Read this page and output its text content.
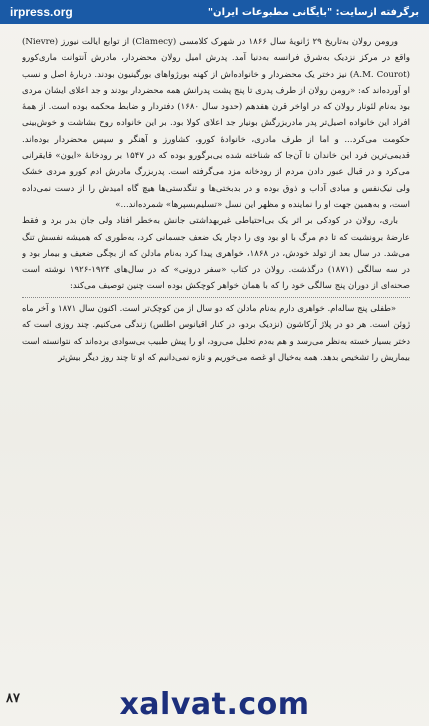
irpress.org	برگرفته ازسایت: "بایگانی مطبوعات ایران"

ورومن رولان به‌تاریخ ۲۹ ژانویهٔ سال ۱۸۶۶ در شهرک کلامسی (Clamecy) از توابع ایالت نیورز (Nievre) واقع در مرکز نزدیک به‌شرق فرانسه به‌دنیا آمد. پدرش امیل رولان محضردار، مادرش آنتوانت ماری‌کورو (A.M. Courot) نیز دختر یک محضردار و خانواده‌اش از کهنه بورژواهای بورگینیون بودند. دربارهٔ اصل و نسب او آورده‌اند که: «رومن رولان از طرف پدری تا پنج پشت پدرانش همه محضردار بودند و جد اعلای ایشان مردی بود به‌نام لئونار رولان که در اواخر قرن هفدهم (حدود سال ۱۶۸۰) دفتردار و ضابط محکمه بوده است. از همهٔ افراد این خانواده اصیل‌تر پدر مادربزرگش بونیار جد اعلای کولا بود. بر این خانواده روح بشاشت و خوش‌بینی حکومت می‌کرد... و اما از طرف مادری، خانوادهٔ کورو، کشاورز و آهنگر و سپس محضردار بوده‌اند. قدیمی‌ترین فرد این خاندان تا آن‌جا که شناخته شده بی‌برگورو بوده که در ۱۵۴۷ بر رودخانهٔ «ایون» قایقرانی می‌کرد و در قبال عبور دادن مردم از رودخانه مزد می‌گرفته است. پدربزرگ مادرش ادم کورو مردی خشک ولی نیک‌نفس و مبادی آداب و ذوق بوده و در بدبختی‌ها و تنگدستی‌ها هیچ گاه امیدش را از دست نمی‌داده است، و به‌همین جهت او را نماینده و مظهر این نسل «تسلیم‌بسپرها» شمرده‌اند...»

باری، رولان در کودکی بر اثر یک بی‌احتیاطی غیربهداشتی جانش به‌خطر افتاد ولی جان بدر برد و فقط عارضهٔ برونشیت که تا دم مرگ با او بود وی را دچار یک ضعف جسمانی کرد، به‌طوری که همیشه نفسش تنگ می‌شد. در سال بعد از تولد خودش، در ۱۸۶۸، خواهری پیدا کرد به‌نام مادلن که از بچگی ضعیف و بیمار بود و در سه سالگی (۱۸۷۱) درگذشت. رولان در کتاب «سفر درونی» که در سال‌های ۱۹۲۴-۱۹۲۶ نوشته است صحنه‌ای از دوران پنج سالگی خود را که با همان خواهر کوچکش بوده است چنین توصیف می‌کند:

«طفلی پنج ساله‌ام. خواهری دارم به‌نام مادلن که دو سال از من کوچک‌تر است. اکنون سال ۱۸۷۱ و آخر ماه ژوئن است. هر دو در پلاژ آرکاشون (نزدیک بردو، در کنار اقیانوس اطلس) زندگی می‌کنیم. چند روزی است که دختر بسیار خسته به‌نظر می‌رسد و هم به‌دم تحلیل می‌رود، او را پیش طبیب بی‌سوادی برده‌اند که نتوانسته است بیماریش را تشخیص بدهد. همه به‌خیال او غصه می‌خوریم و تازه نمی‌دانیم که او تا چند روز دیگر بیش‌تر

۸۷	xalvat.com
